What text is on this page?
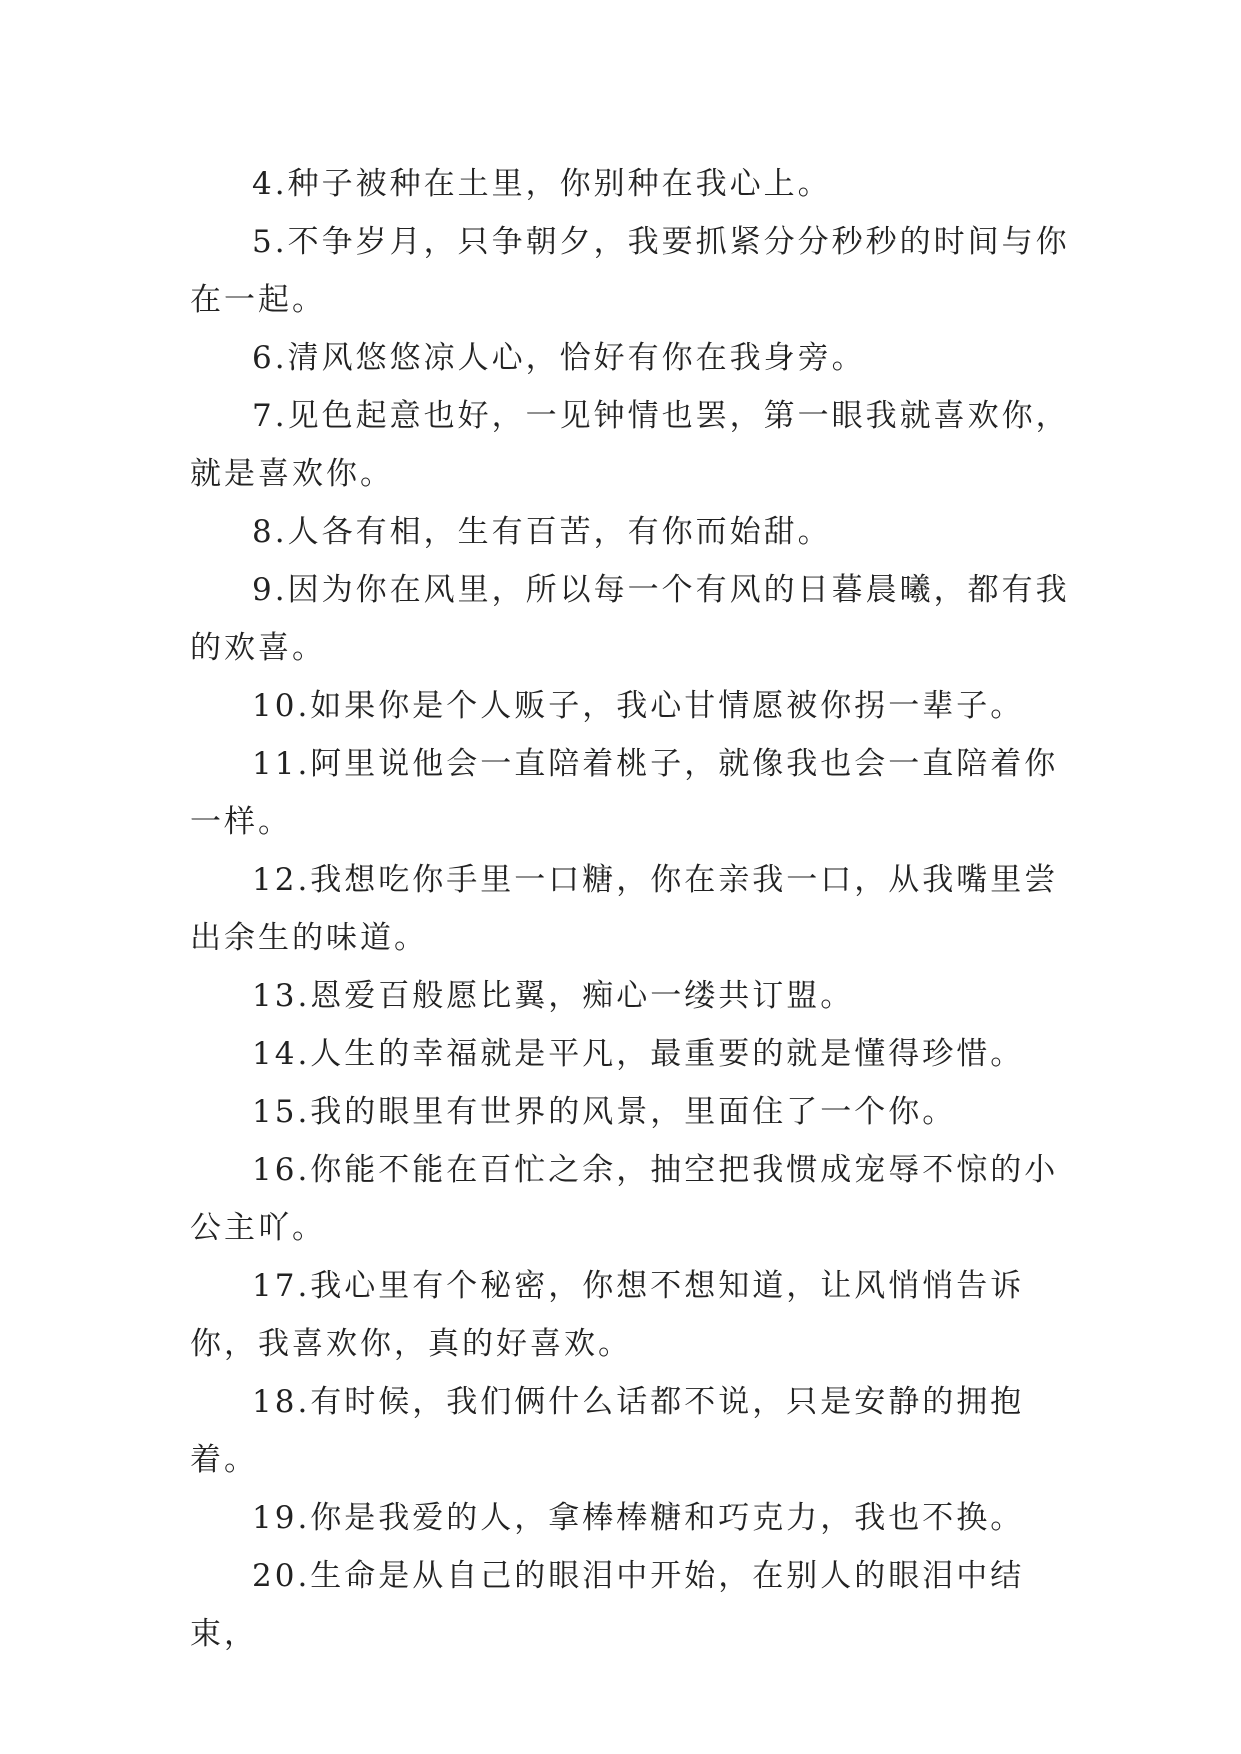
4.种子被种在土里，你别种在我心上。

5.不争岁月，只争朝夕，我要抓紧分分秒秒的时间与你在一起。

6.清风悠悠凉人心，恰好有你在我身旁。

7.见色起意也好，一见钟情也罢，第一眼我就喜欢你，就是喜欢你。

8.人各有相，生有百苦，有你而始甜。

9.因为你在风里，所以每一个有风的日暮晨曦，都有我的欢喜。

10.如果你是个人贩子，我心甘情愿被你拐一辈子。

11.阿里说他会一直陪着桃子，就像我也会一直陪着你一样。

12.我想吃你手里一口糖，你在亲我一口，从我嘴里尝出余生的味道。

13.恩爱百般愿比翼，痴心一缕共订盟。

14.人生的幸福就是平凡，最重要的就是懂得珍惜。

15.我的眼里有世界的风景，里面住了一个你。

16.你能不能在百忙之余，抽空把我惯成宠辱不惊的小公主吖。

17.我心里有个秘密，你想不想知道，让风悄悄告诉你，我喜欢你，真的好喜欢。

18.有时候，我们俩什么话都不说，只是安静的拥抱着。

19.你是我爱的人，拿棒棒糖和巧克力，我也不换。

20.生命是从自己的眼泪中开始，在别人的眼泪中结束，
